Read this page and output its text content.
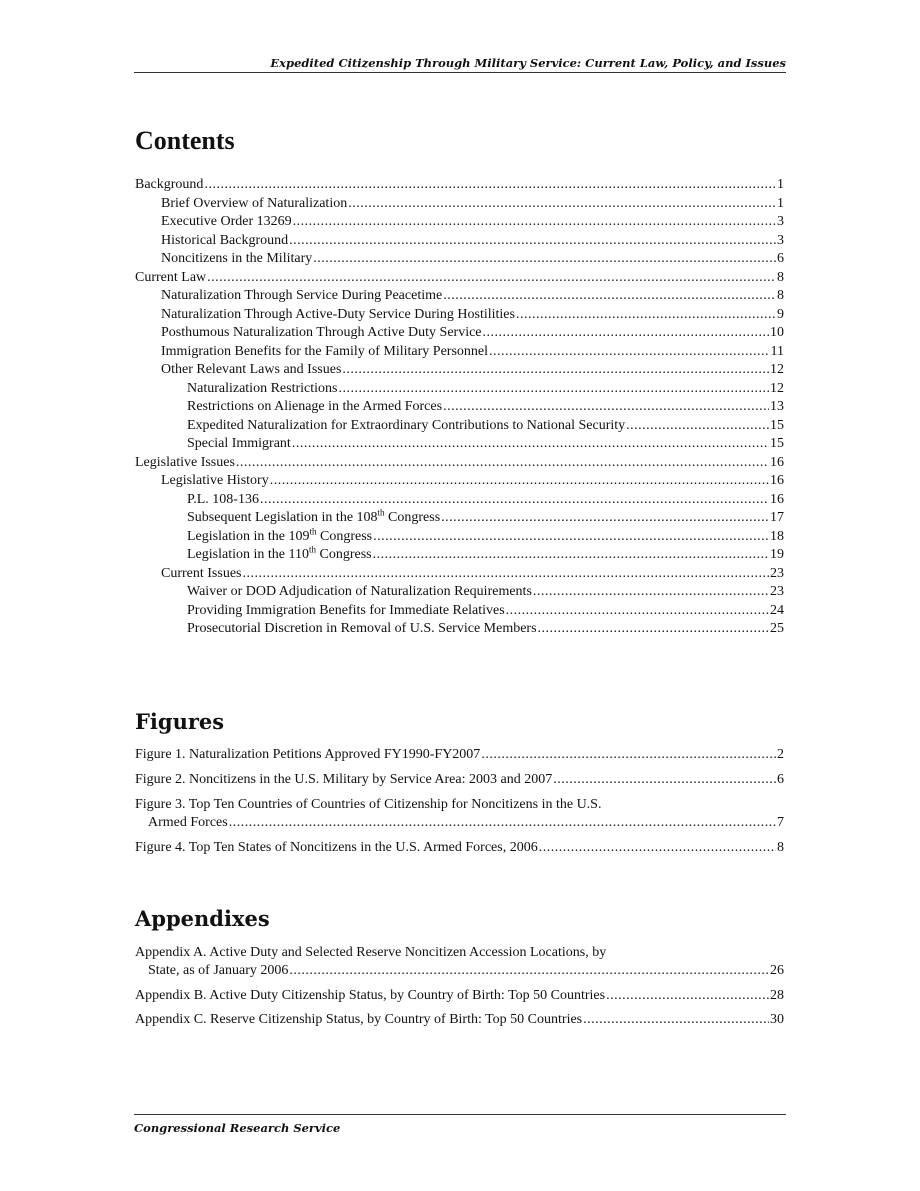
Expedited Citizenship Through Military Service: Current Law, Policy, and Issues
Contents
Background .....	1
Brief Overview of Naturalization .....	1
Executive Order 13269 .....	3
Historical Background .....	3
Noncitizens in the Military .....	6
Current Law .....	8
Naturalization Through Service During Peacetime .....	8
Naturalization Through Active-Duty Service During Hostilities .....	9
Posthumous Naturalization Through Active Duty Service .....	10
Immigration Benefits for the Family of Military Personnel .....	11
Other Relevant Laws and Issues .....	12
Naturalization Restrictions .....	12
Restrictions on Alienage in the Armed Forces .....	13
Expedited Naturalization for Extraordinary Contributions to National Security .....	15
Special Immigrant .....	15
Legislative Issues .....	16
Legislative History .....	16
P.L. 108-136 .....	16
Subsequent Legislation in the 108th Congress .....	17
Legislation in the 109th Congress .....	18
Legislation in the 110th Congress .....	19
Current Issues .....	23
Waiver or DOD Adjudication of Naturalization Requirements .....	23
Providing Immigration Benefits for Immediate Relatives .....	24
Prosecutorial Discretion in Removal of U.S. Service Members .....	25
Figures
Figure 1. Naturalization Petitions Approved FY1990-FY2007 .....	2
Figure 2. Noncitizens in the U.S. Military by Service Area: 2003 and 2007 .....	6
Figure 3. Top Ten Countries of Countries of Citizenship for Noncitizens in the U.S.
Armed Forces .....	7
Figure 4. Top Ten States of Noncitizens in the U.S. Armed Forces, 2006 .....	8
Appendixes
Appendix A. Active Duty and Selected Reserve Noncitizen Accession Locations, by
State, as of January 2006 .....	26
Appendix B. Active Duty Citizenship Status, by Country of Birth: Top 50 Countries .....	28
Appendix C. Reserve Citizenship Status, by Country of Birth: Top 50 Countries .....	30
Congressional Research Service
